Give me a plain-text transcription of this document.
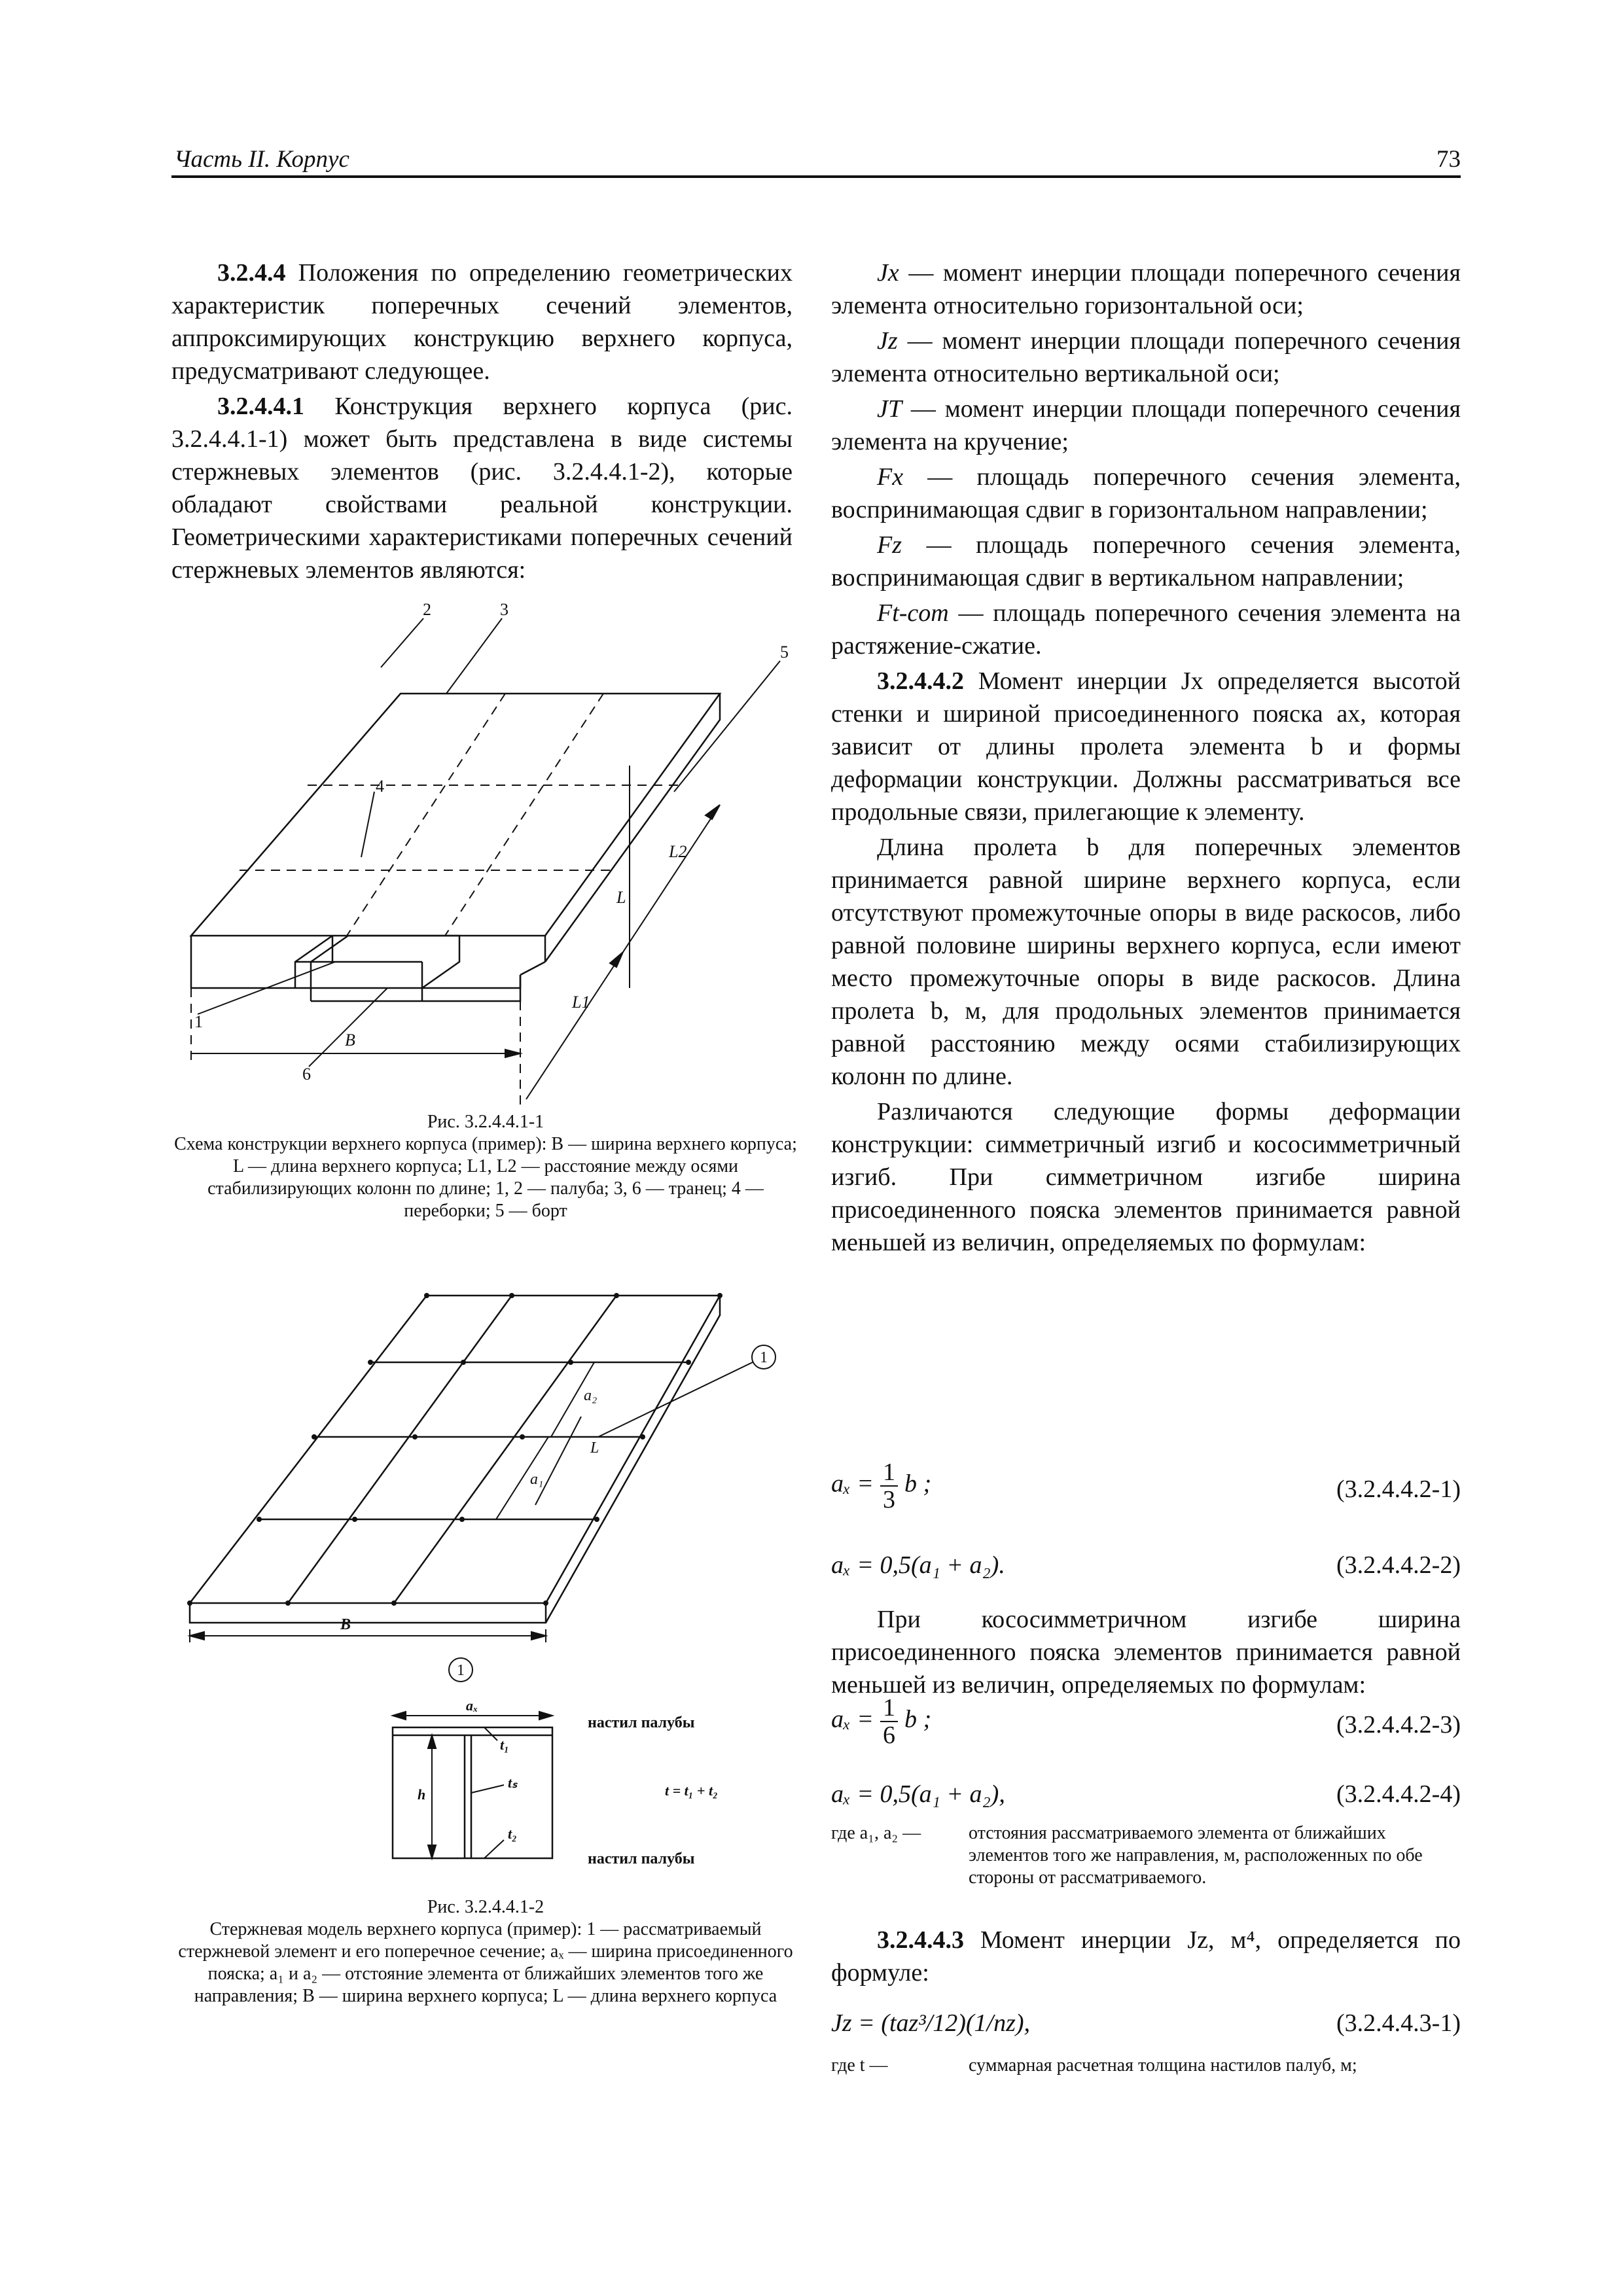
Часть II. Корпус	73

3.2.4.4 Положения по определению геометрических характеристик поперечных сечений элементов, аппроксимирующих конструкцию верхнего корпуса, предусматривают следующее.

3.2.4.4.1 Конструкция верхнего корпуса (рис. 3.2.4.4.1-1) может быть представлена в виде системы стержневых элементов (рис. 3.2.4.4.1-2), которые обладают свойствами реальной конструкции. Геометрическими характеристиками поперечных сечений стержневых элементов являются:

2	3
5
4
1
6
B
L
L1
L2
Рис. 3.2.4.4.1-1
Схема конструкции верхнего корпуса (пример): B — ширина верхнего корпуса; L — длина верхнего корпуса; L1, L2 — расстояние между осями стабилизирующих колонн по длине; 1, 2 — палуба; 3, 6 — транец; 4 — переборки; 5 — борт
a₂
a₁
L
B
1
1
aₓ
h
t₁
tₛ
t₂
t = t₁ + t₂
настил палубы
настил палубы
Рис. 3.2.4.4.1-2
Стержневая модель верхнего корпуса (пример): 1 — рассматриваемый стержневой элемент и его поперечное сечение; aₓ — ширина присоединенного пояска; a₁ и a₂ — отстояние элемента от ближайших элементов того же направления; B — ширина верхнего корпуса; L — длина верхнего корпуса

Jx — момент инерции площади поперечного сечения элемента относительно горизонтальной оси;

Jz — момент инерции площади поперечного сечения элемента относительно вертикальной оси;

JT — момент инерции площади поперечного сечения элемента на кручение;

Fx — площадь поперечного сечения элемента, воспринимающая сдвиг в горизонтальном направлении;

Fz — площадь поперечного сечения элемента, воспринимающая сдвиг в вертикальном направлении;

Ft-com — площадь поперечного сечения элемента на растяжение-сжатие.

3.2.4.4.2 Момент инерции Jx определяется высотой стенки и шириной присоединенного пояска ax, которая зависит от длины пролета элемента b и формы деформации конструкции. Должны рассматриваться все продольные связи, прилегающие к элементу.

Длина пролета b для поперечных элементов принимается равной ширине верхнего корпуса, если отсутствуют промежуточные опоры в виде раскосов, либо равной половине ширины верхнего корпуса, если имеют место промежуточные опоры в виде раскосов. Длина пролета b, м, для продольных элементов принимается равной расстоянию между осями стабилизирующих колонн по длине.

Различаются следующие формы деформации конструкции: симметричный изгиб и кососимметричный изгиб. При симметричном изгибе ширина присоединенного пояска элементов принимается равной меньшей из величин, определяемых по формулам:

$a_x = \frac{1}{3}$ b ;	(3.2.4.4.2-1)
aₓ = 0,5(a₁ + a₂).	(3.2.4.4.2-2)

При кососимметричном изгибе ширина присоединенного пояска элементов принимается равной меньшей из величин, определяемых по формулам:

$a_x = \frac{1}{6}$ b ;	(3.2.4.4.2-3)
aₓ = 0,5(a₁ + a₂),	(3.2.4.4.2-4)
где a₁, a₂ —	отстояния рассматриваемого элемента от ближайших элементов того же направления, м, расположенных по обе стороны от рассматриваемого.

3.2.4.4.3 Момент инерции Jz, м⁴, определяется по формуле:

Jz = (taz³/12)(1/nz),	(3.2.4.4.3-1)
где t —	суммарная расчетная толщина настилов палуб, м;
